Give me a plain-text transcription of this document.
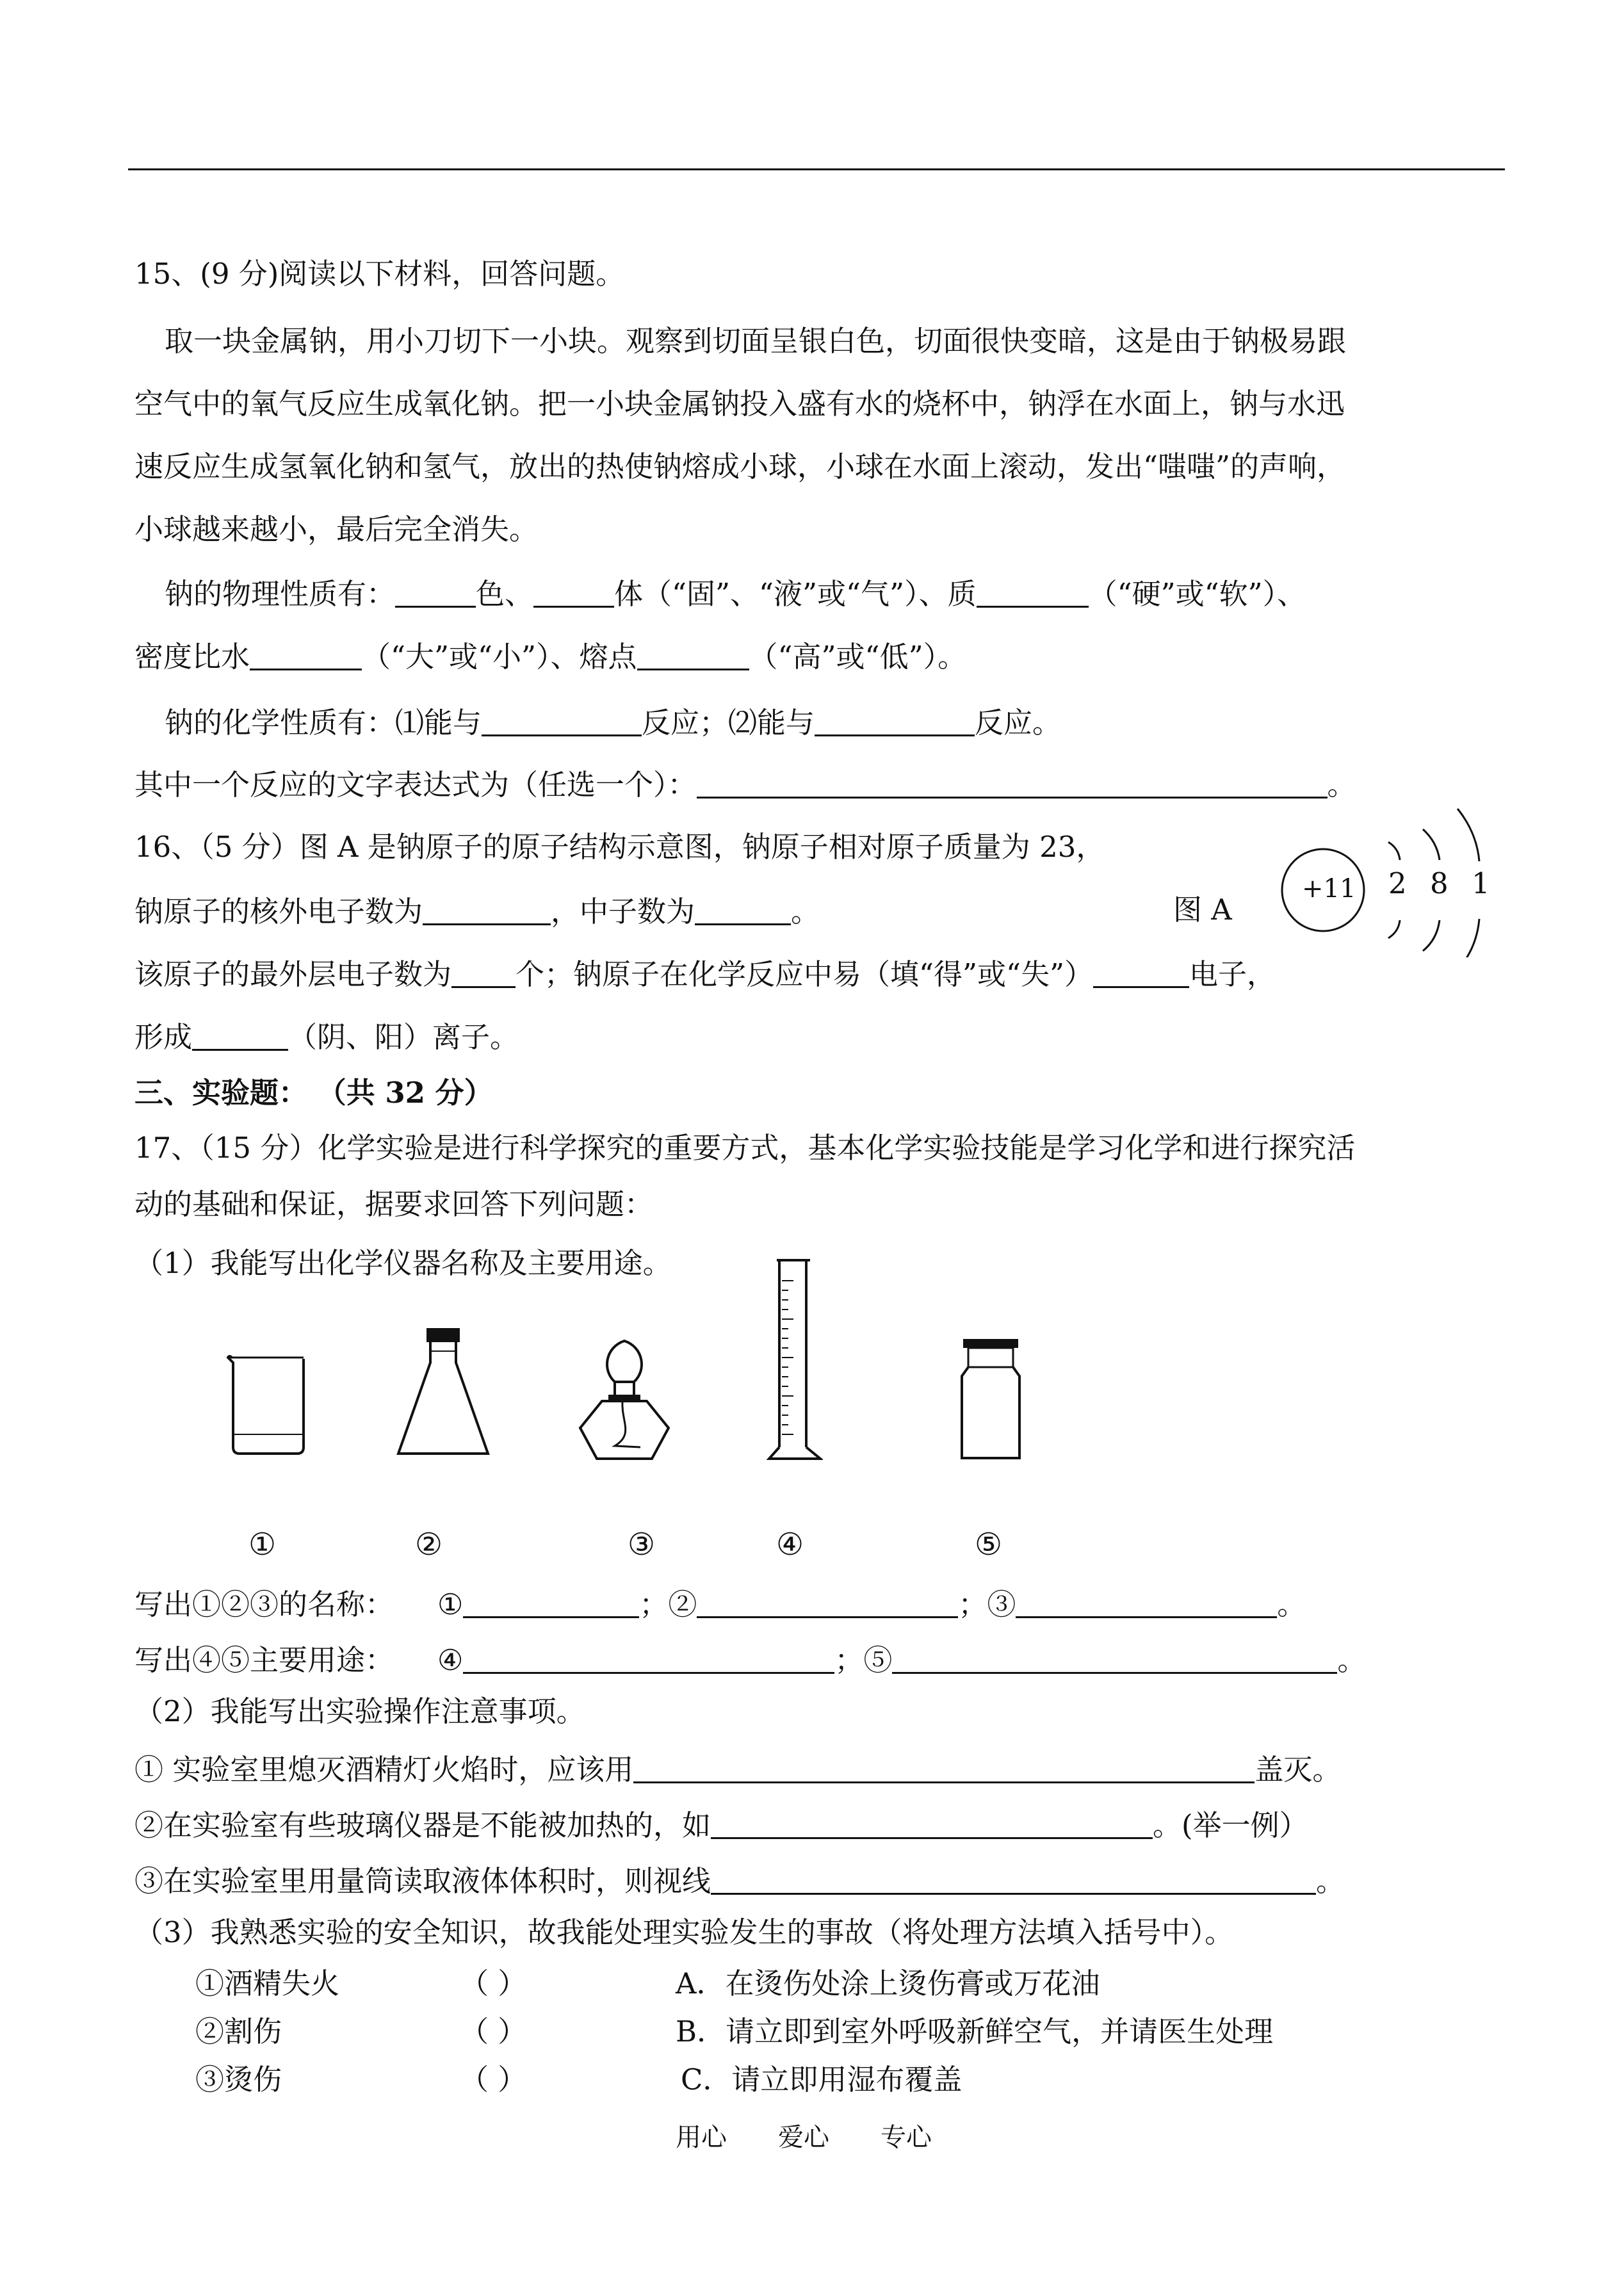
15、(9 分)阅读以下材料，回答问题。
取一块金属钠，用小刀切下一小块。观察到切面呈银白色，切面很快变暗，这是由于钠极易跟
空气中的氧气反应生成氧化钠。把一小块金属钠投入盛有水的烧杯中，钠浮在水面上，钠与水迅
速反应生成氢氧化钠和氢气，放出的热使钠熔成小球，小球在水面上滚动，发出“嗤嗤”的声响，
小球越来越小，最后完全消失。
钠的物理性质有：	色、	体（“固”、“液”或“气”）、质	（“硬”或“软”）、
密度比水	（“大”或“小”）、熔点	（“高”或“低”）。
钠的化学性质有：⑴能与	反应；⑵能与	反应。
其中一个反应的文字表达式为（任选一个）：	。
16、（5 分）图 A 是钠原子的原子结构示意图，钠原子相对原子质量为 23，
钠原子的核外电子数为	，中子数为	。	图 A
+11 2 8 1
该原子的最外层电子数为 个；钠原子在化学反应中易（填“得”或“失”）	电子，
形成	（阴、阳）离子。
三、实验题： （共 32 分）
17、（15 分）化学实验是进行科学探究的重要方式，基本化学实验技能是学习化学和进行探究活
动的基础和保证，据要求回答下列问题：
（1）我能写出化学仪器名称及主要用途。
①	②	③	④	⑤
写出①②③的名称： ①	；②	；③	。
写出④⑤主要用途： ④	；⑤	。
（2）我能写出实验操作注意事项。
① 实验室里熄灭酒精灯火焰时，应该用	盖灭。
②在实验室有些玻璃仪器是不能被加热的，如	。(举一例）
③在实验室里用量筒读取液体体积时，则视线	。
（3）我熟悉实验的安全知识，故我能处理实验发生的事故（将处理方法填入括号中）。
①酒精失火	（ ）	A．在烫伤处涂上烫伤膏或万花油
②割伤	（ ）	B．请立即到室外呼吸新鲜空气，并请医生处理
③烫伤	（ ）	C．请立即用湿布覆盖
用心 爱心 专心
